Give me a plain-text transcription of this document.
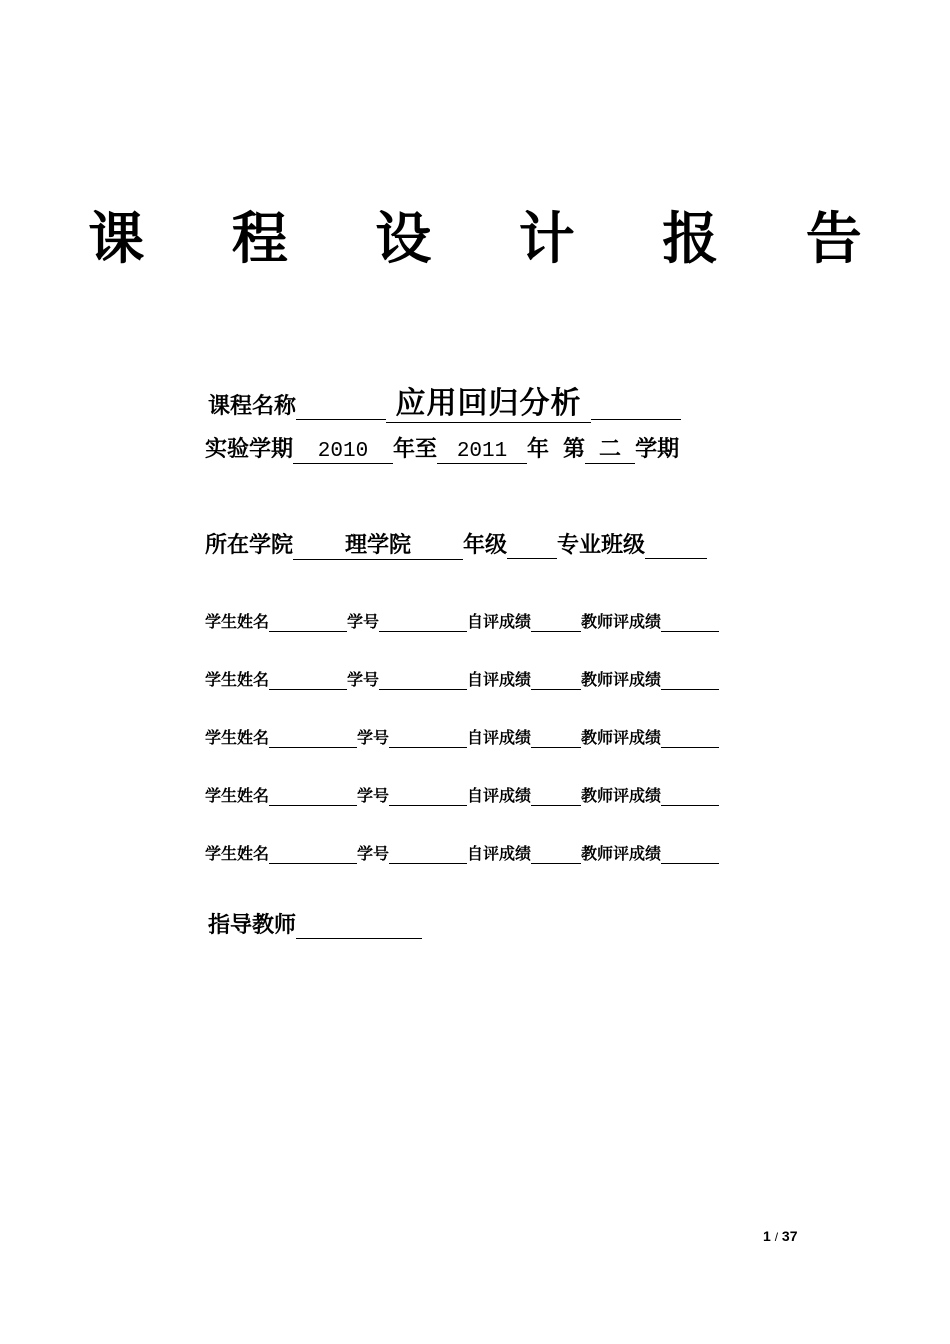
课 程 设 计 报 告
课程名称	应用回归分析
实验学期 2010 年至 2011 年 第 二 学期
所在学院 理学院 年级 专业班级
学生姓名	学号	自评成绩	教师评成绩
学生姓名	学号	自评成绩	教师评成绩
学生姓名	学号	自评成绩	教师评成绩
学生姓名	学号	自评成绩	教师评成绩
学生姓名	学号	自评成绩	教师评成绩
指导教师
1 / 37
